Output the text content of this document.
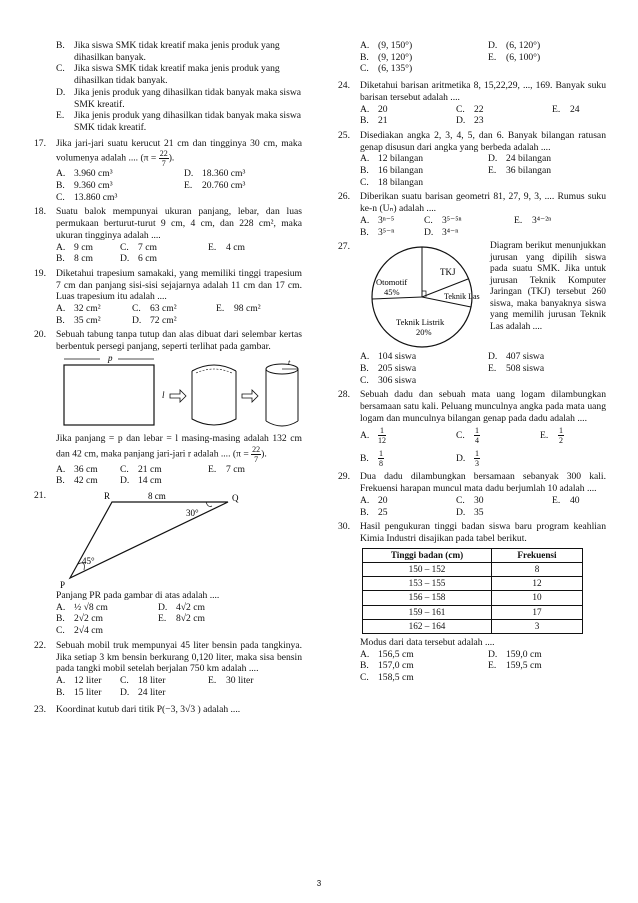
B. Jika siswa SMK tidak kreatif maka jenis produk yang dihasilkan banyak.
C. Jika siswa SMK tidak kreatif maka jenis produk yang dihasilkan tidak banyak.
D. Jika jenis produk yang dihasilkan tidak banyak maka siswa SMK kreatif.
E.	Jika jenis produk yang dihasilkan tidak banyak maka siswa SMK tidak kreatif.
17. Jika jari-jari suatu kerucut 21 cm dan tingginya 30 cm, maka volumenya adalah .... ($\pi = \frac{22}{7}$ ).
A. 3.960 cm³	D. 18.360 cm³
B. 9.360 cm³	E. 20.760 cm³
C. 13.860 cm³
18. Suatu balok mempunyai ukuran panjang, lebar, dan luas permukaan berturut-turut 9 cm, 4 cm, dan 228 cm², maka ukuran tingginya adalah ....
A. 9 cm	C. 7 cm	E. 4 cm
B. 8 cm	D. 6 cm
19. Diketahui trapesium samakaki, yang memiliki tinggi trapesium 7 cm dan panjang sisi-sisi sejajarnya adalah 11 cm dan 17 cm. Luas trapesium itu adalah ....
A. 32 cm²	C. 63 cm²	E. 98 cm²
B. 35 cm²	D. 72 cm²
20. Sebuah tabung tanpa tutup dan alas dibuat dari selembar kertas berbentuk persegi panjang, seperti terlihat pada gambar.
p
l
t
Jika panjang = p dan lebar = l masing-masing adalah 132 cm dan 42 cm, maka panjang jari-jari r adalah .... ($\pi = \frac{22}{7}$ ).
A. 36 cm	C. 21 cm	E. 7 cm
B. 42 cm	D. 14 cm
21.	R	8 cm	Q
P
30°
45°
Panjang PR pada gambar di atas adalah ....
A. ½ √8 cm	D. 4√2 cm
B. 2√2 cm	E. 8√2 cm
C. 2√4 cm
22. Sebuah mobil truk mempunyai 45 liter bensin pada tangkinya. Jika setiap 3 km bensin berkurang 0,120 liter, maka sisa bensin pada tangki mobil setelah berjalan 750 km adalah ....
A. 12 liter	C. 18 liter	E. 30 liter
B. 15 liter	D. 24 liter
23. Koordinat kutub dari titik P(−3, 3√3 ) adalah ....
A. (9, 150°)	D. (6, 120°)
B. (9, 120°)	E. (6, 100°)
C. (6, 135°)
24. Diketahui barisan aritmetika 8, 15,22,29, ..., 169. Banyak suku barisan tersebut adalah ....
A. 20	C. 22	E. 24
B. 21	D. 23
25. Disediakan angka 2, 3, 4, 5, dan 6. Banyak bilangan ratusan genap disusun dari angka yang berbeda adalah ....
A. 12 bilangan	D. 24 bilangan
B. 16 bilangan	E. 36 bilangan
C. 18 bilangan
26. Diberikan suatu barisan geometri 81, 27, 9, 3, .... Rumus suku ke-n (Uₙ) adalah ....
A. 3ⁿ⁻⁵	C. 3⁵⁻⁵ⁿ	E. 3⁴⁻²ⁿ
B. 3⁵⁻ⁿ	D. 3⁴⁻ⁿ
27.
TKJ
Otomotif
45%	Teknik Las
Teknik Listrik
20%
Diagram berikut menunjukkan jurusan yang dipilih siswa pada suatu SMK. Jika untuk jurusan Teknik Komputer Jaringan (TKJ) tersebut 260 siswa, maka banyaknya siswa yang memilih jurusan Teknik Las adalah ....
A. 104 siswa	D. 407 siswa
B. 205 siswa	E. 508 siswa
C. 306 siswa
28. Sebuah dadu dan sebuah mata uang logam dilambungkan bersamaan satu kali. Peluang munculnya angka pada mata uang logam dan munculnya bilangan genap pada dadu adalah ....
A. $\frac{1}{12}$	C. $\frac{1}{4}$	E. $\frac{1}{2}$
B. $\frac{1}{8}$	D. $\frac{1}{3}$
29. Dua dadu dilambungkan bersamaan sebanyak 300 kali. Frekuensi harapan muncul mata dadu berjumlah 10 adalah ....
A. 20	C. 30	E. 40
B. 25	D. 35
30. Hasil pengukuran tinggi badan siswa baru program keahlian Kimia Industri disajikan pada tabel berikut.
Tinggi badan (cm)	Frekuensi
150 – 152	8
153 – 155	12
156 – 158	10
159 – 161	17
162 – 164	3
Modus dari data tersebut adalah ....
A. 156,5 cm	D. 159,0 cm
B. 157,0 cm	E. 159,5 cm
C. 158,5 cm
3
